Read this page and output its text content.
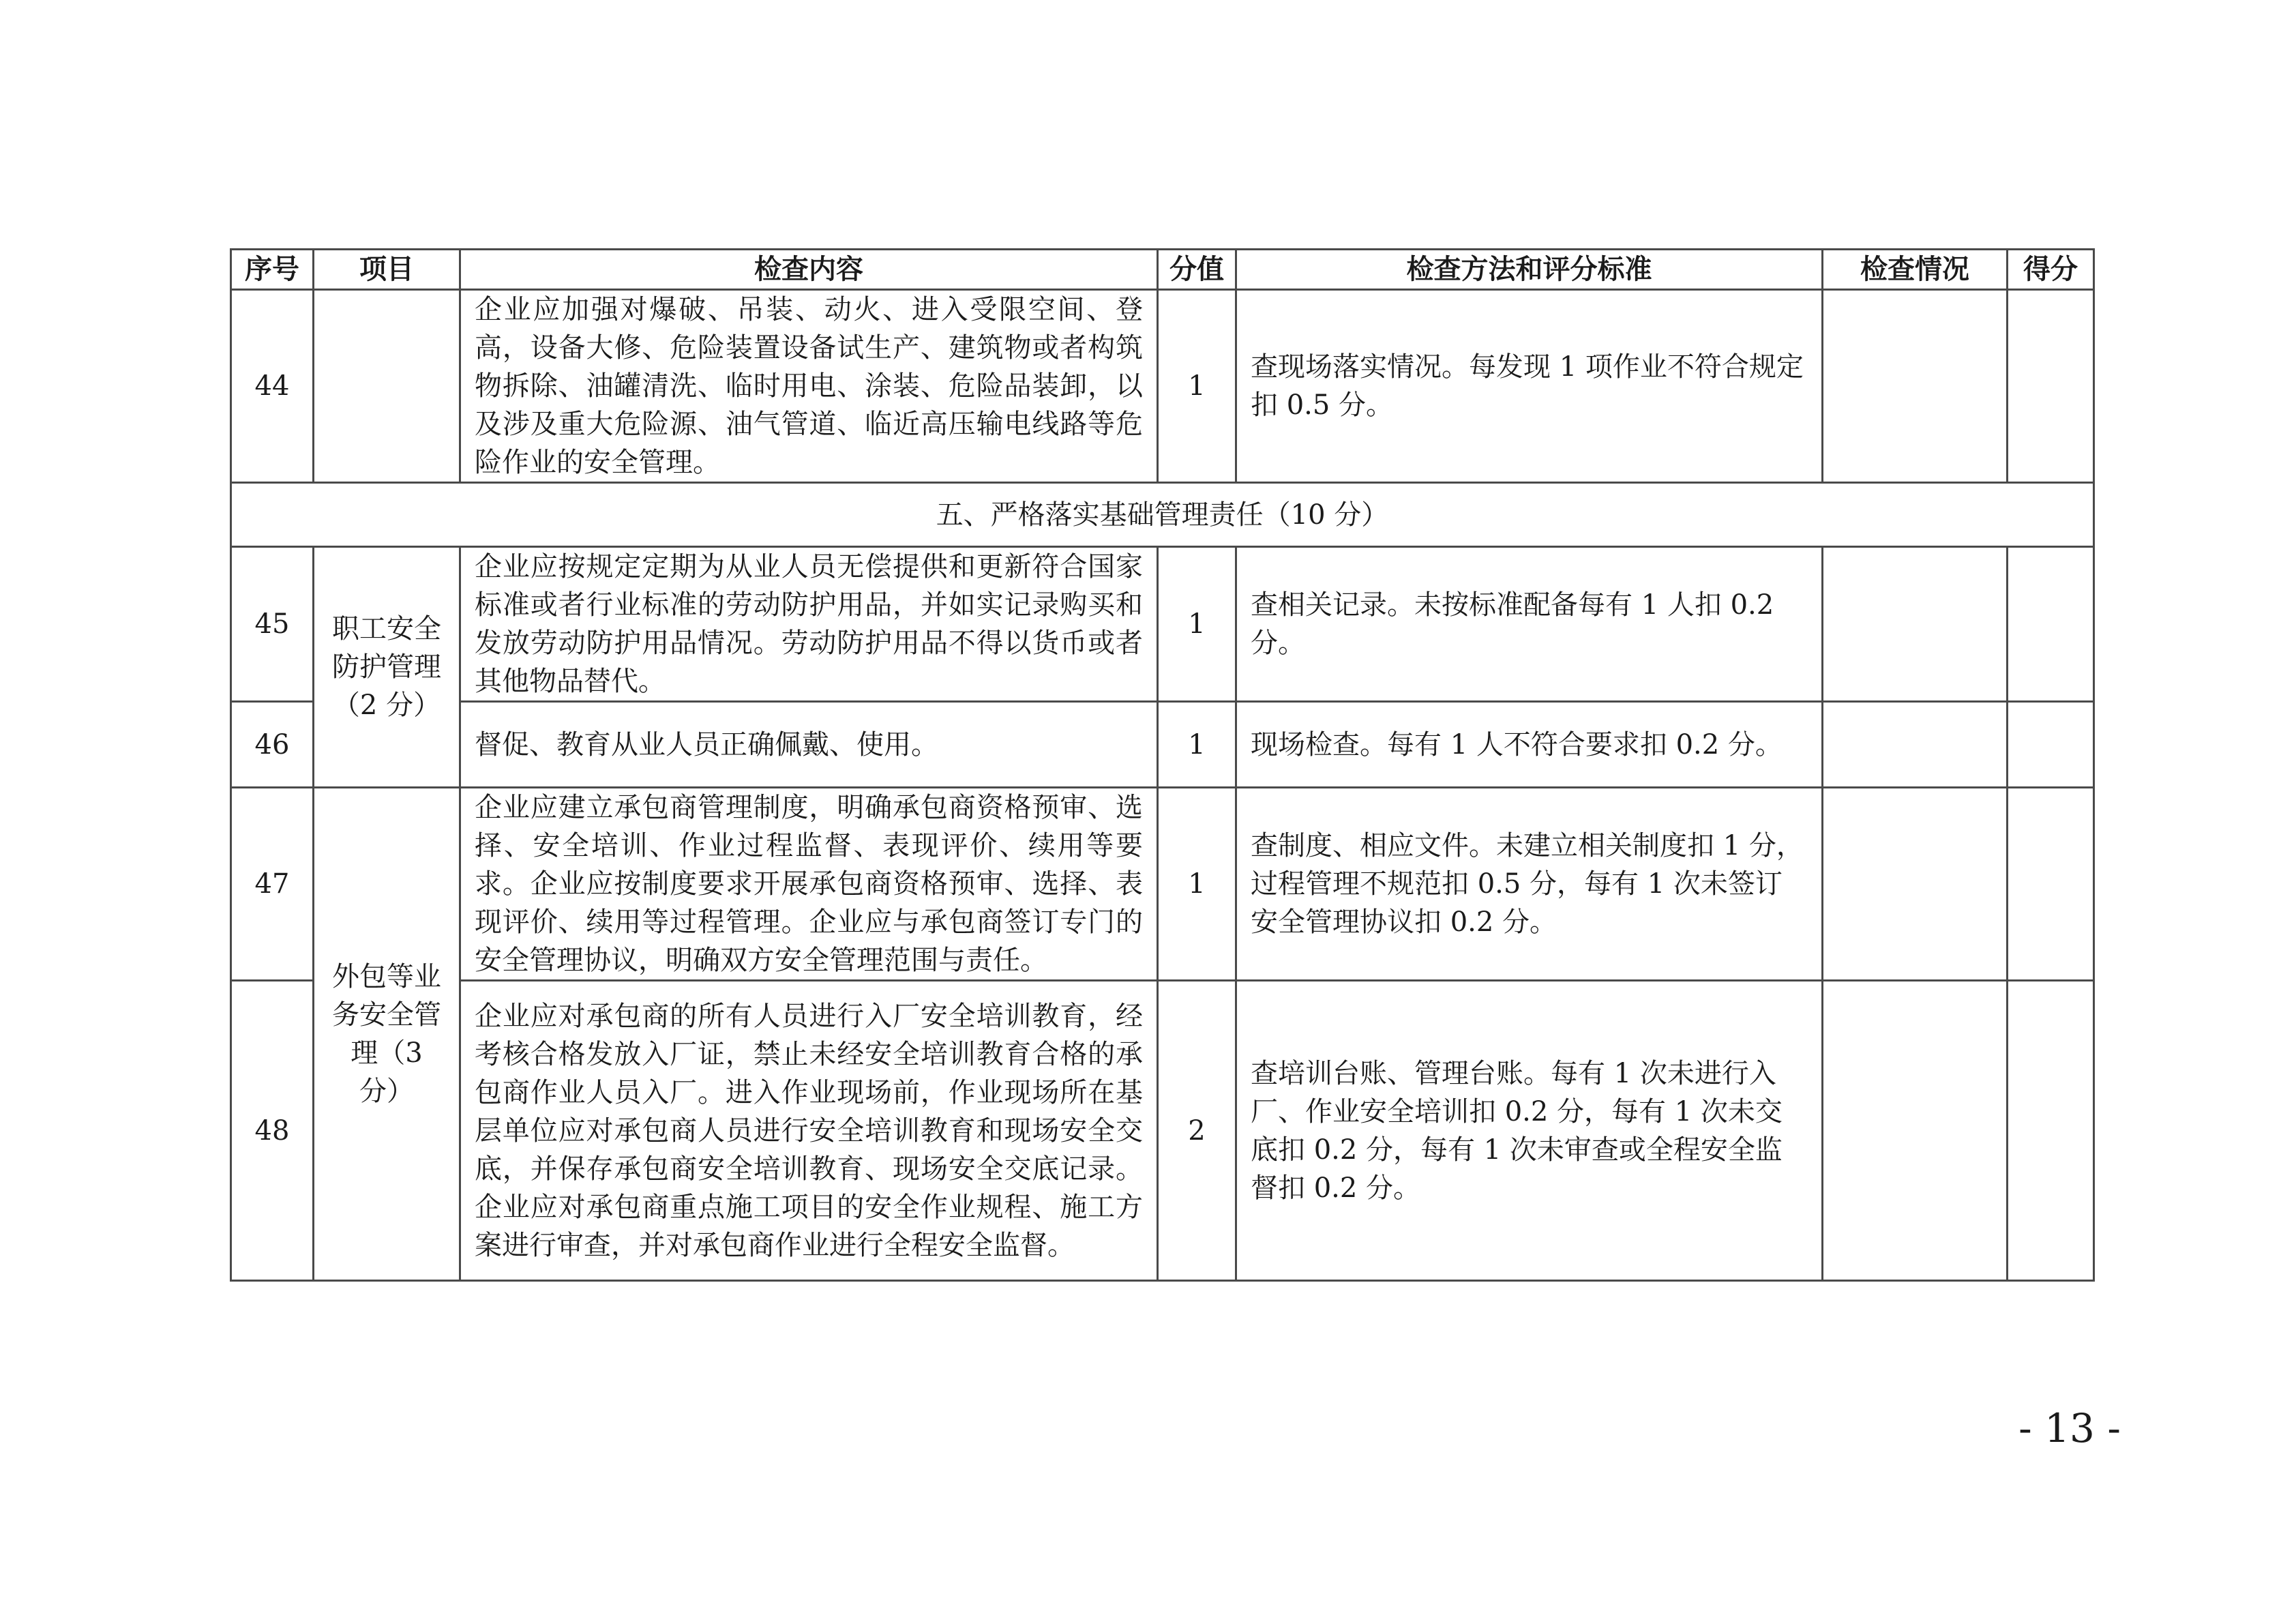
序号	项目	检查内容	分值	检查方法和评分标准	检查情况	得分
44		企业应加强对爆破、吊装、动火、进入受限空间、登高，设备大修、危险装置设备试生产、建筑物或者构筑物拆除、油罐清洗、临时用电、涂装、危险品装卸，以及涉及重大危险源、油气管道、临近高压输电线路等危险作业的安全管理。	1	查现场落实情况。每发现 1 项作业不符合规定扣 0.5 分。		
五、严格落实基础管理责任（10 分）						
45	职工安全防护管理（2 分）	企业应按规定定期为从业人员无偿提供和更新符合国家标准或者行业标准的劳动防护用品，并如实记录购买和发放劳动防护用品情况。劳动防护用品不得以货币或者其他物品替代。	1	查相关记录。未按标准配备每有 1 人扣 0.2 分。		
46		督促、教育从业人员正确佩戴、使用。	1	现场检查。每有 1 人不符合要求扣 0.2 分。		
47	外包等业务安全管理（3 分）	企业应建立承包商管理制度，明确承包商资格预审、选择、安全培训、作业过程监督、表现评价、续用等要求。企业应按制度要求开展承包商资格预审、选择、表现评价、续用等过程管理。企业应与承包商签订专门的安全管理协议，明确双方安全管理范围与责任。	1	查制度、相应文件。未建立相关制度扣 1 分，过程管理不规范扣 0.5 分，每有 1 次未签订安全管理协议扣 0.2 分。		
48		企业应对承包商的所有人员进行入厂安全培训教育，经考核合格发放入厂证，禁止未经安全培训教育合格的承包商作业人员入厂。进入作业现场前，作业现场所在基层单位应对承包商人员进行安全培训教育和现场安全交底，并保存承包商安全培训教育、现场安全交底记录。企业应对承包商重点施工项目的安全作业规程、施工方案进行审查，并对承包商作业进行全程安全监督。	2	查培训台账、管理台账。每有 1 次未进行入厂、作业安全培训扣 0.2 分，每有 1 次未交底扣 0.2 分，每有 1 次未审查或全程安全监督扣 0.2 分。		
- 13 -
